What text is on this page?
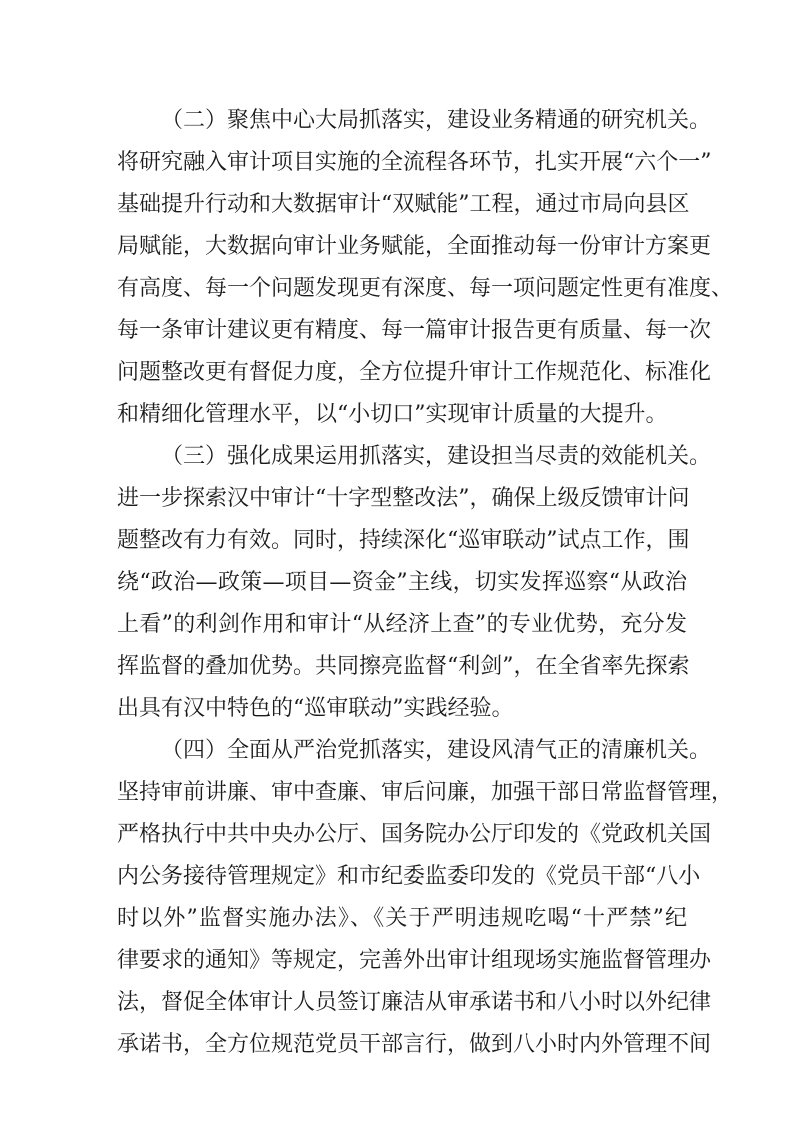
（二）聚焦中心大局抓落实，建设业务精通的研究机关。
将研究融入审计项目实施的全流程各环节，扎实开展“六个一”
基础提升行动和大数据审计“双赋能”工程，通过市局向县区
局赋能，大数据向审计业务赋能，全面推动每一份审计方案更
有高度、每一个问题发现更有深度、每一项问题定性更有准度、
每一条审计建议更有精度、每一篇审计报告更有质量、每一次
问题整改更有督促力度，全方位提升审计工作规范化、标准化
和精细化管理水平，以“小切口”实现审计质量的大提升。
（三）强化成果运用抓落实，建设担当尽责的效能机关。
进一步探索汉中审计“十字型整改法”，确保上级反馈审计问
题整改有力有效。同时，持续深化“巡审联动”试点工作，围
绕“政治—政策—项目—资金”主线，切实发挥巡察“从政治
上看”的利剑作用和审计“从经济上查”的专业优势，充分发
挥监督的叠加优势。共同擦亮监督“利剑”，在全省率先探索
出具有汉中特色的“巡审联动”实践经验。
（四）全面从严治党抓落实，建设风清气正的清廉机关。
坚持审前讲廉、审中查廉、审后问廉，加强干部日常监督管理，
严格执行中共中央办公厅、国务院办公厅印发的《党政机关国
内公务接待管理规定》和市纪委监委印发的《党员干部“八小
时以外”监督实施办法》、《关于严明违规吃喝“十严禁”纪
律要求的通知》等规定，完善外出审计组现场实施监督管理办
法，督促全体审计人员签订廉洁从审承诺书和八小时以外纪律
承诺书，全方位规范党员干部言行，做到八小时内外管理不间
